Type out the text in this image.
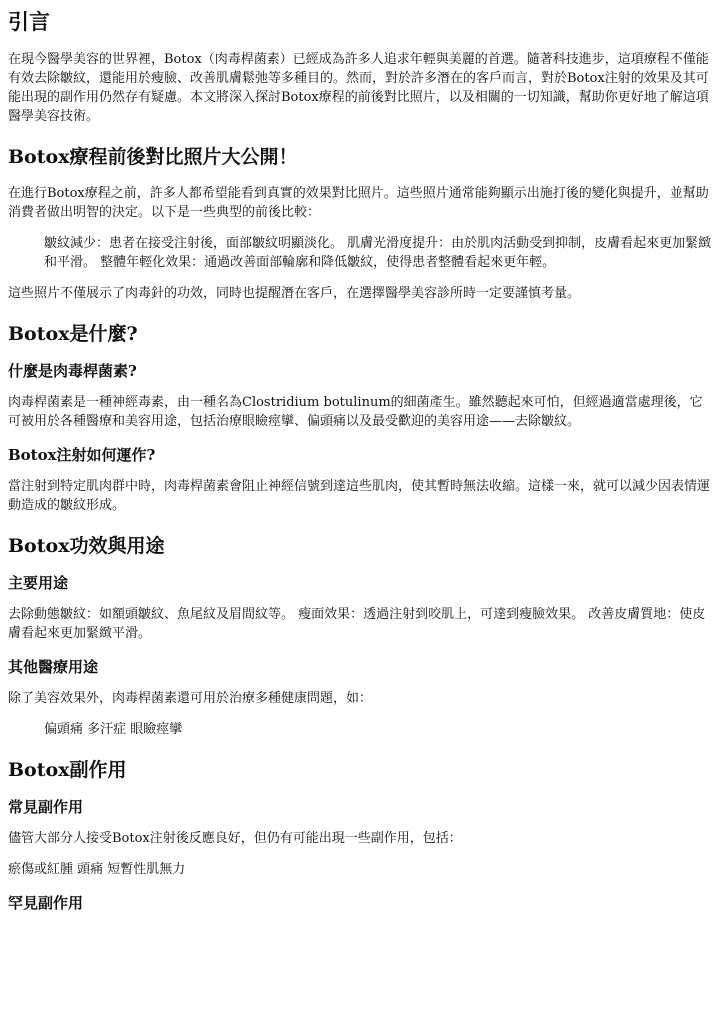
引言

在現今醫學美容的世界裡，Botox（肉毒桿菌素）已經成為許多人追求年輕與美麗的首選。隨著科技進步，這項療程不僅能有效去除皺紋，還能用於瘦臉、改善肌膚鬆弛等多種目的。然而，對於許多潛在的客戶而言，對於Botox注射的效果及其可能出現的副作用仍然存有疑慮。本文將深入探討Botox療程的前後對比照片，以及相關的一切知識，幫助你更好地了解這項醫學美容技術。

Botox療程前後對比照片大公開！

在進行Botox療程之前，許多人都希望能看到真實的效果對比照片。這些照片通常能夠顯示出施打後的變化與提升，並幫助消費者做出明智的決定。以下是一些典型的前後比較：

皺紋減少：患者在接受注射後，面部皺紋明顯淡化。 肌膚光滑度提升：由於肌肉活動受到抑制，皮膚看起來更加緊緻和平滑。 整體年輕化效果：通過改善面部輪廓和降低皺紋，使得患者整體看起來更年輕。

這些照片不僅展示了肉毒針的功效，同時也提醒潛在客戶，在選擇醫學美容診所時一定要謹慎考量。

Botox是什麼?
什麼是肉毒桿菌素?

肉毒桿菌素是一種神經毒素，由一種名為Clostridium botulinum的細菌產生。雖然聽起來可怕，但經過適當處理後，它可被用於各種醫療和美容用途，包括治療眼瞼痙攣、偏頭痛以及最受歡迎的美容用途——去除皺紋。

Botox注射如何運作?

當注射到特定肌肉群中時，肉毒桿菌素會阻止神經信號到達這些肌肉，使其暫時無法收縮。這樣一來，就可以減少因表情運動造成的皺紋形成。

Botox功效與用途
主要用途

去除動態皺紋：如額頭皺紋、魚尾紋及眉間紋等。 瘦面效果：透過注射到咬肌上，可達到瘦臉效果。 改善皮膚質地：使皮膚看起來更加緊緻平滑。

其他醫療用途

除了美容效果外，肉毒桿菌素還可用於治療多種健康問題，如：

偏頭痛 多汗症 眼瞼痙攣

Botox副作用
常見副作用

儘管大部分人接受Botox注射後反應良好，但仍有可能出現一些副作用，包括：

瘀傷或紅腫 頭痛 短暫性肌無力

罕見副作用
